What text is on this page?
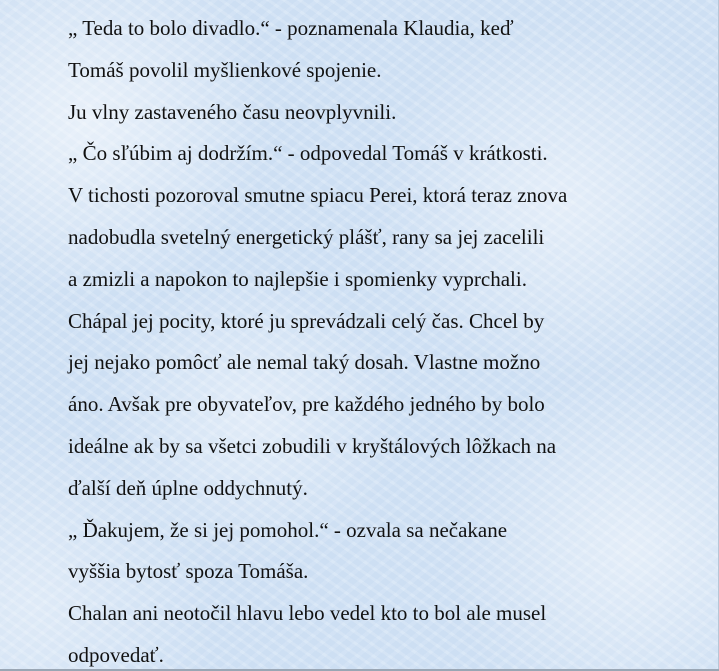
„ Teda to bolo divadlo.“ - poznamenala Klaudia, keď
Tomáš povolil myšlienkové spojenie.
Ju vlny zastaveného času neovplyvnili.
„ Čo sľúbim aj dodržím.“ - odpovedal Tomáš v krátkosti.
V tichosti pozoroval smutne spiacu Perei, ktorá teraz znova
nadobudla svetelný energetický plášť, rany sa jej zacelili
a zmizli a napokon to najlepšie i spomienky vyprchali.
Chápal jej pocity, ktoré ju sprevádzali celý čas. Chcel by
jej nejako pomôcť ale nemal taký dosah. Vlastne možno
áno. Avšak pre obyvateľov, pre každého jedného by bolo
ideálne ak by sa všetci zobudili v kryštálových lôžkach na
ďalší deň úplne oddychnutý.
„ Ďakujem, že si jej pomohol.“ - ozvala sa nečakane
vyššia bytosť spoza Tomáša.
Chalan ani neotočil hlavu lebo vedel kto to bol ale musel
odpovedať.
